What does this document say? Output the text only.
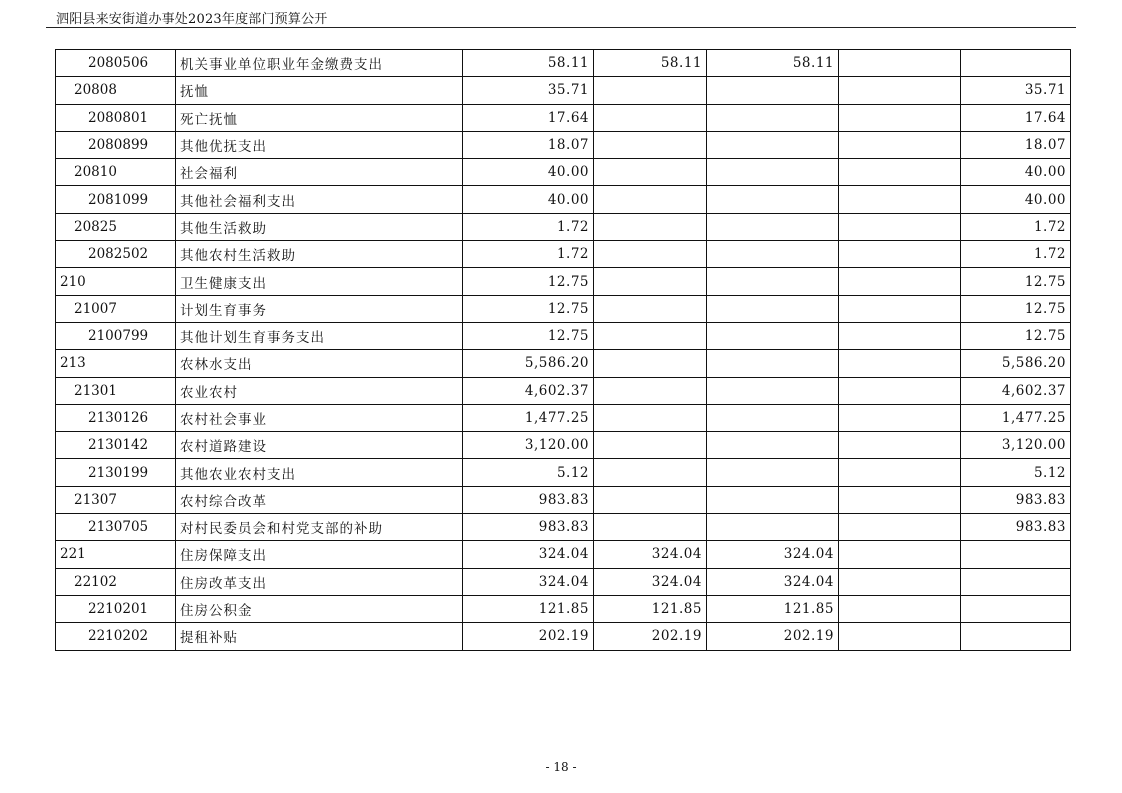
泗阳县来安街道办事处2023年度部门预算公开
2080506	机关事业单位职业年金缴费支出	58.11	58.11	58.11		
20808	抚恤	35.71				35.71
2080801	死亡抚恤	17.64				17.64
2080899	其他优抚支出	18.07				18.07
20810	社会福利	40.00				40.00
2081099	其他社会福利支出	40.00				40.00
20825	其他生活救助	1.72				1.72
2082502	其他农村生活救助	1.72				1.72
210	卫生健康支出	12.75				12.75
21007	计划生育事务	12.75				12.75
2100799	其他计划生育事务支出	12.75				12.75
213	农林水支出	5,586.20				5,586.20
21301	农业农村	4,602.37				4,602.37
2130126	农村社会事业	1,477.25				1,477.25
2130142	农村道路建设	3,120.00				3,120.00
2130199	其他农业农村支出	5.12				5.12
21307	农村综合改革	983.83				983.83
2130705	对村民委员会和村党支部的补助	983.83				983.83
221	住房保障支出	324.04	324.04	324.04		
22102	住房改革支出	324.04	324.04	324.04		
2210201	住房公积金	121.85	121.85	121.85		
2210202	提租补贴	202.19	202.19	202.19		
- 18 -
